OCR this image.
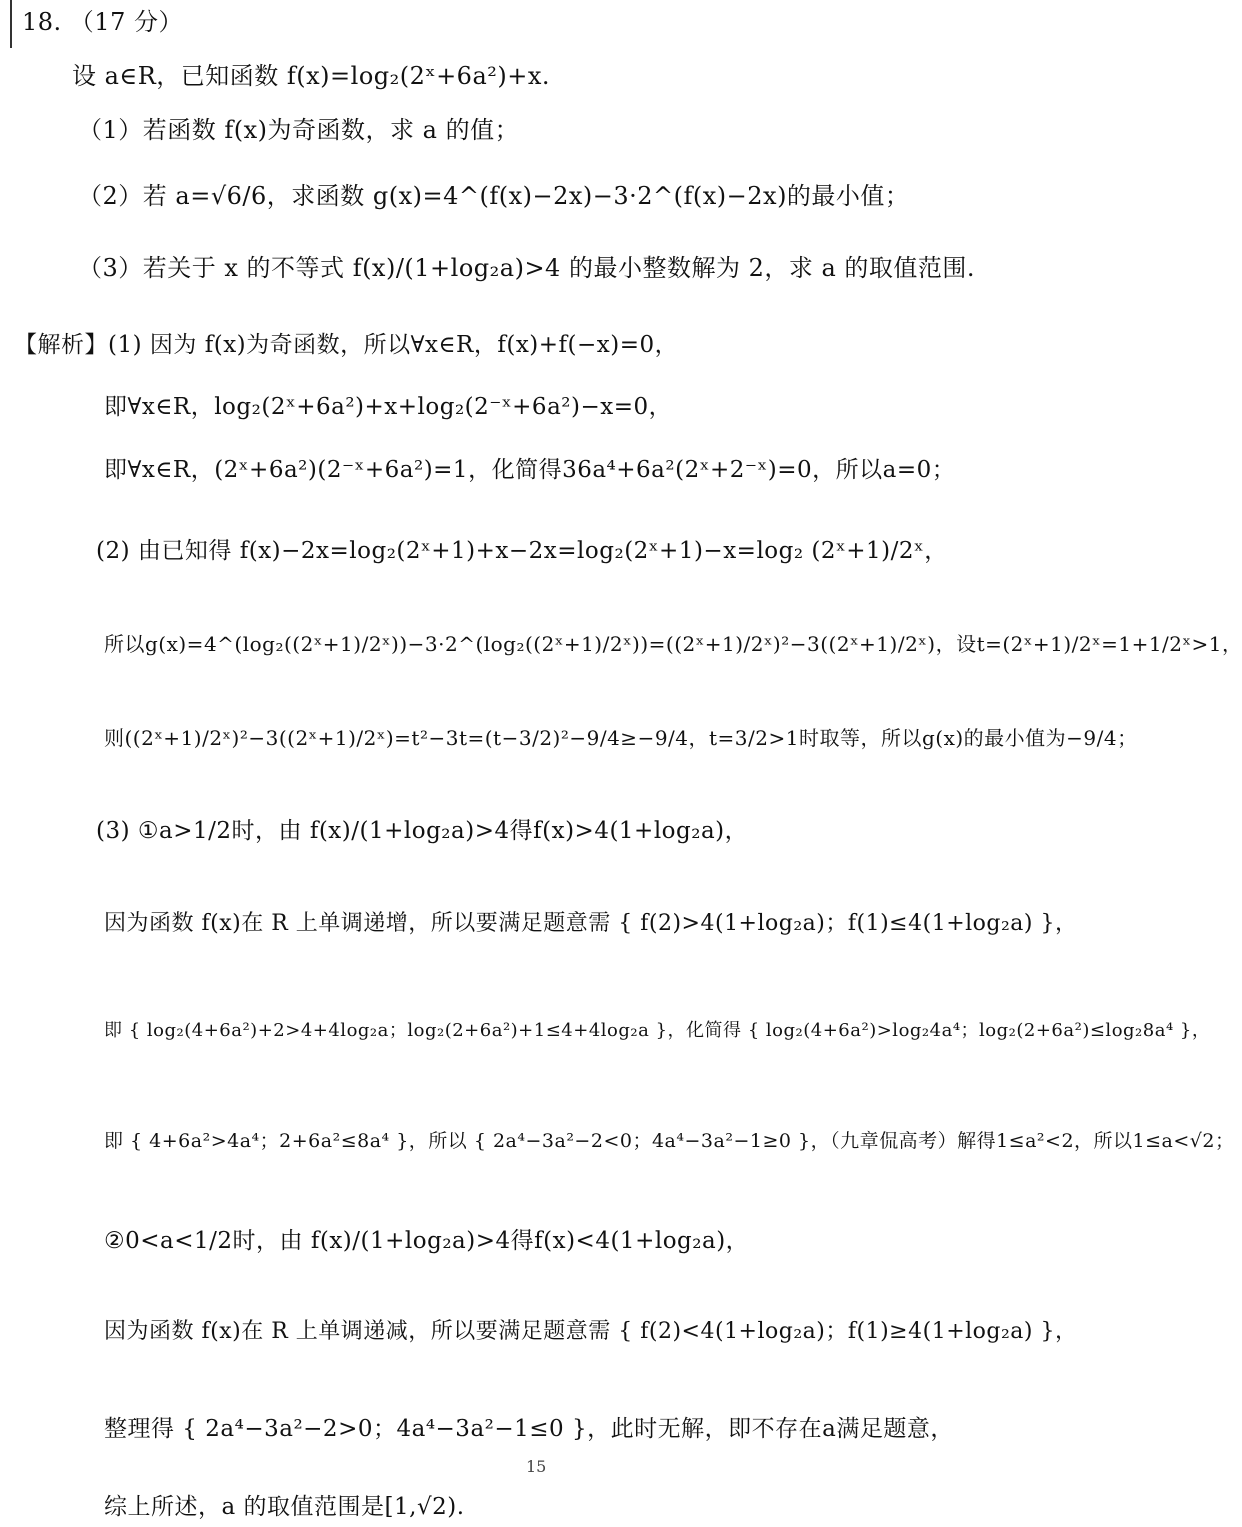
18. （17 分）
设 a∈R，已知函数 f(x)=log₂(2ˣ+6a²)+x.
（1）若函数 f(x)为奇函数，求 a 的值；
（2）若 a=√6/6，求函数 g(x)=4^(f(x)−2x)−3·2^(f(x)−2x)的最小值；
（3）若关于 x 的不等式 f(x)/(1+log₂a)>4 的最小整数解为 2，求 a 的取值范围.
【解析】(1) 因为 f(x)为奇函数，所以∀x∈R，f(x)+f(−x)=0，
即∀x∈R，log₂(2ˣ+6a²)+x+log₂(2⁻ˣ+6a²)−x=0，
即∀x∈R，(2ˣ+6a²)(2⁻ˣ+6a²)=1，化简得36a⁴+6a²(2ˣ+2⁻ˣ)=0，所以a=0；
(2) 由已知得 f(x)−2x=log₂(2ˣ+1)+x−2x=log₂(2ˣ+1)−x=log₂ (2ˣ+1)/2ˣ，
所以g(x)=4^(log₂((2ˣ+1)/2ˣ))−3·2^(log₂((2ˣ+1)/2ˣ))=((2ˣ+1)/2ˣ)²−3((2ˣ+1)/2ˣ)，设t=(2ˣ+1)/2ˣ=1+1/2ˣ>1，
则((2ˣ+1)/2ˣ)²−3((2ˣ+1)/2ˣ)=t²−3t=(t−3/2)²−9/4≥−9/4，t=3/2>1时取等，所以g(x)的最小值为−9/4；
(3) ①a>1/2时，由 f(x)/(1+log₂a)>4得f(x)>4(1+log₂a)，
因为函数 f(x)在 R 上单调递增，所以要满足题意需 { f(2)>4(1+log₂a)；f(1)≤4(1+log₂a) }，
即 { log₂(4+6a²)+2>4+4log₂a；log₂(2+6a²)+1≤4+4log₂a }，化简得 { log₂(4+6a²)>log₂4a⁴；log₂(2+6a²)≤log₂8a⁴ }，
即 { 4+6a²>4a⁴；2+6a²≤8a⁴ }，所以 { 2a⁴−3a²−2<0；4a⁴−3a²−1≥0 }，（九章侃高考）解得1≤a²<2，所以1≤a<√2；
②0<a<1/2时，由 f(x)/(1+log₂a)>4得f(x)<4(1+log₂a)，
因为函数 f(x)在 R 上单调递减，所以要满足题意需 { f(2)<4(1+log₂a)；f(1)≥4(1+log₂a) }，
整理得 { 2a⁴−3a²−2>0；4a⁴−3a²−1≤0 }，此时无解，即不存在a满足题意，
15
综上所述，a 的取值范围是[1,√2).
